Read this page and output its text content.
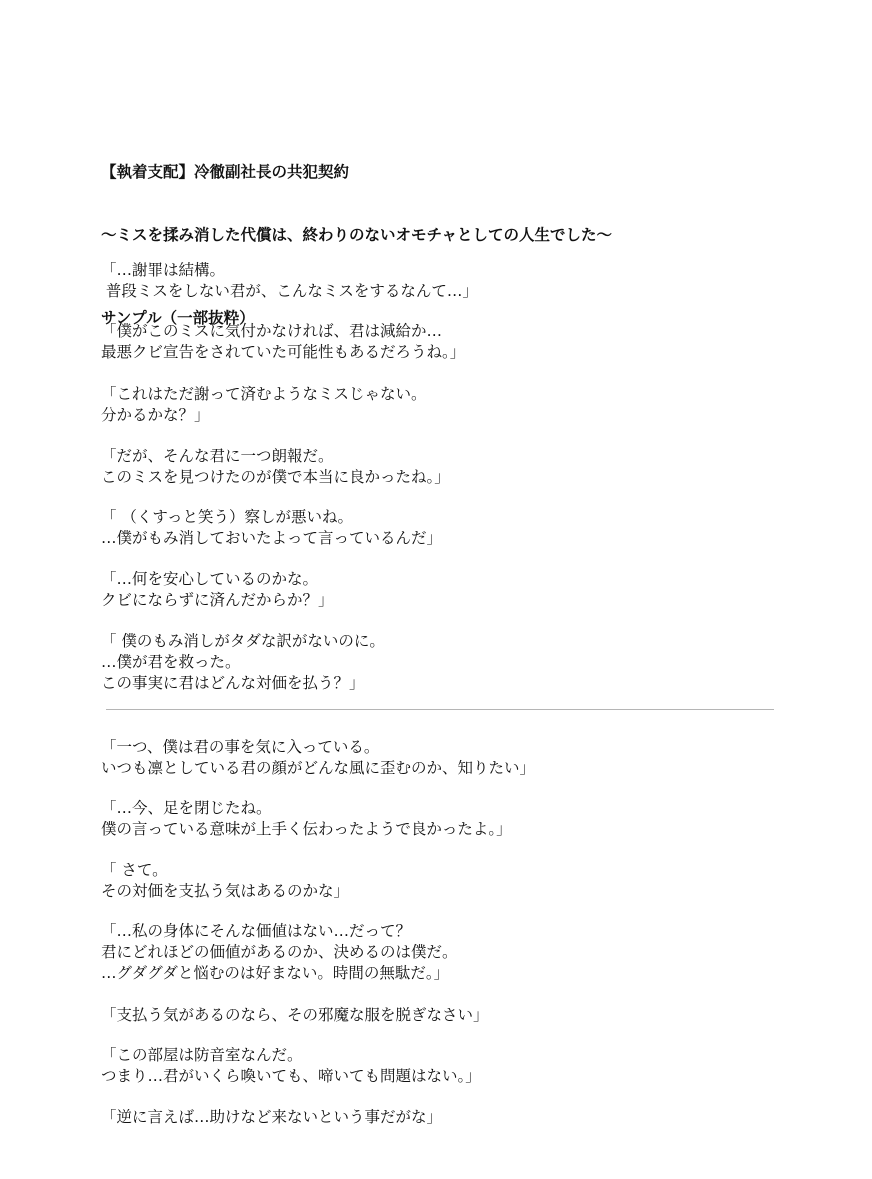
【執着支配】冷徹副社長の共犯契約

〜ミスを揉み消した代償は、終わりのないオモチャとしての人生でした〜

サンプル（一部抜粋）
「…謝罪は結構。
普段ミスをしない君が、こんなミスをするなんて…」
「僕がこのミスに気付かなければ、君は減給か…
最悪クビ宣告をされていた可能性もあるだろうね。」
「これはただ謝って済むようなミスじゃない。
分かるかな？」
「だが、そんな君に一つ朗報だ。
このミスを見つけたのが僕で本当に良かったね。」
「 （くすっと笑う）察しが悪いね。
…僕がもみ消しておいたよって言っているんだ」
「…何を安心しているのかな。
クビにならずに済んだからか？」
「 僕のもみ消しがタダな訳がないのに。
…僕が君を救った。
この事実に君はどんな対価を払う？」
「一つ、僕は君の事を気に入っている。
いつも凛としている君の顔がどんな風に歪むのか、知りたい」
「…今、足を閉じたね。
僕の言っている意味が上手く伝わったようで良かったよ。」
「 さて。
その対価を支払う気はあるのかな」
「…私の身体にそんな価値はない…だって？
君にどれほどの価値があるのか、決めるのは僕だ。
…グダグダと悩むのは好まない。時間の無駄だ。」
「支払う気があるのなら、その邪魔な服を脱ぎなさい」
「この部屋は防音室なんだ。
つまり…君がいくら喚いても、啼いても問題はない。」
「逆に言えば…助けなど来ないという事だがな」
